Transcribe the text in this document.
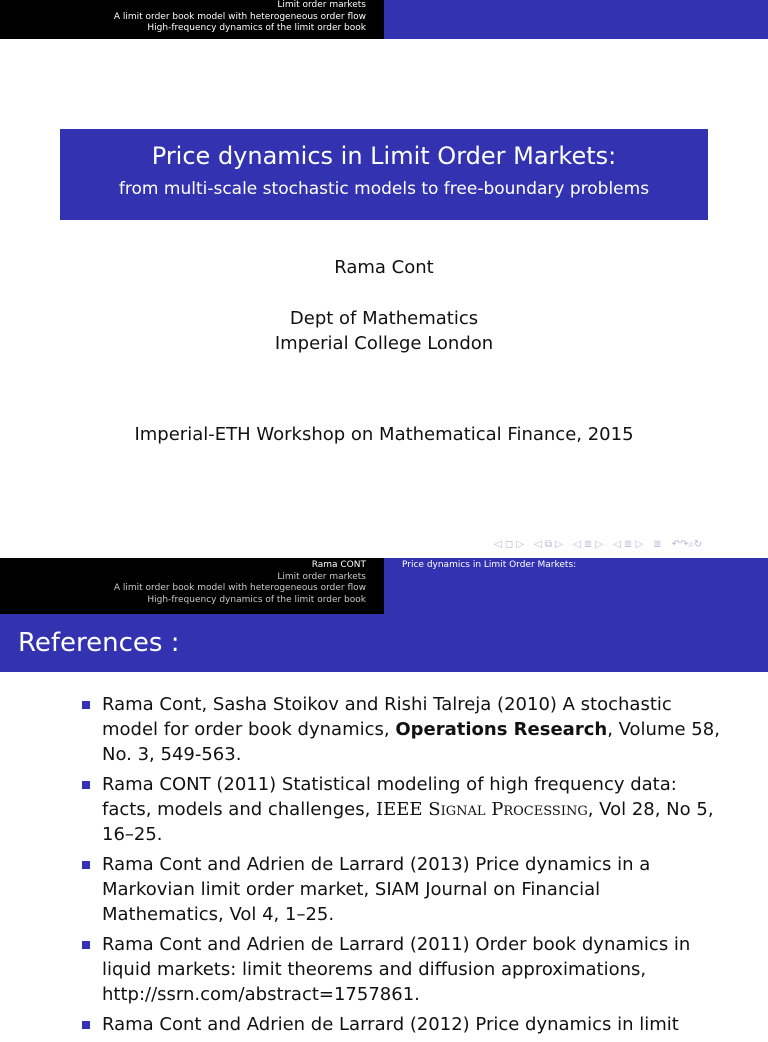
Limit order markets
A limit order book model with heterogeneous order flow
High-frequency dynamics of the limit order book
Price dynamics in Limit Order Markets:
from multi-scale stochastic models to free-boundary problems
Rama Cont
Dept of Mathematics
Imperial College London
Imperial-ETH Workshop on Mathematical Finance, 2015
◁ ◻ ▷ ◁ ⧉ ▷ ◁ ≣ ▷ ◁ ≣ ▷ ≣ ↶↷⌕↻
Rama CONT
Limit order markets
A limit order book model with heterogeneous order flow
High-frequency dynamics of the limit order book
Price dynamics in Limit Order Markets:
References :
Rama Cont, Sasha Stoikov and Rishi Talreja (2010) A stochastic model for order book dynamics, Operations Research, Volume 58, No. 3, 549-563.
Rama CONT (2011) Statistical modeling of high frequency data: facts, models and challenges, IEEE Signal Processing, Vol 28, No 5, 16–25.
Rama Cont and Adrien de Larrard (2013) Price dynamics in a Markovian limit order market, SIAM Journal on Financial Mathematics, Vol 4, 1–25.
Rama Cont and Adrien de Larrard (2011) Order book dynamics in liquid markets: limit theorems and diffusion approximations, http://ssrn.com/abstract=1757861.
Rama Cont and Adrien de Larrard (2012) Price dynamics in limit
